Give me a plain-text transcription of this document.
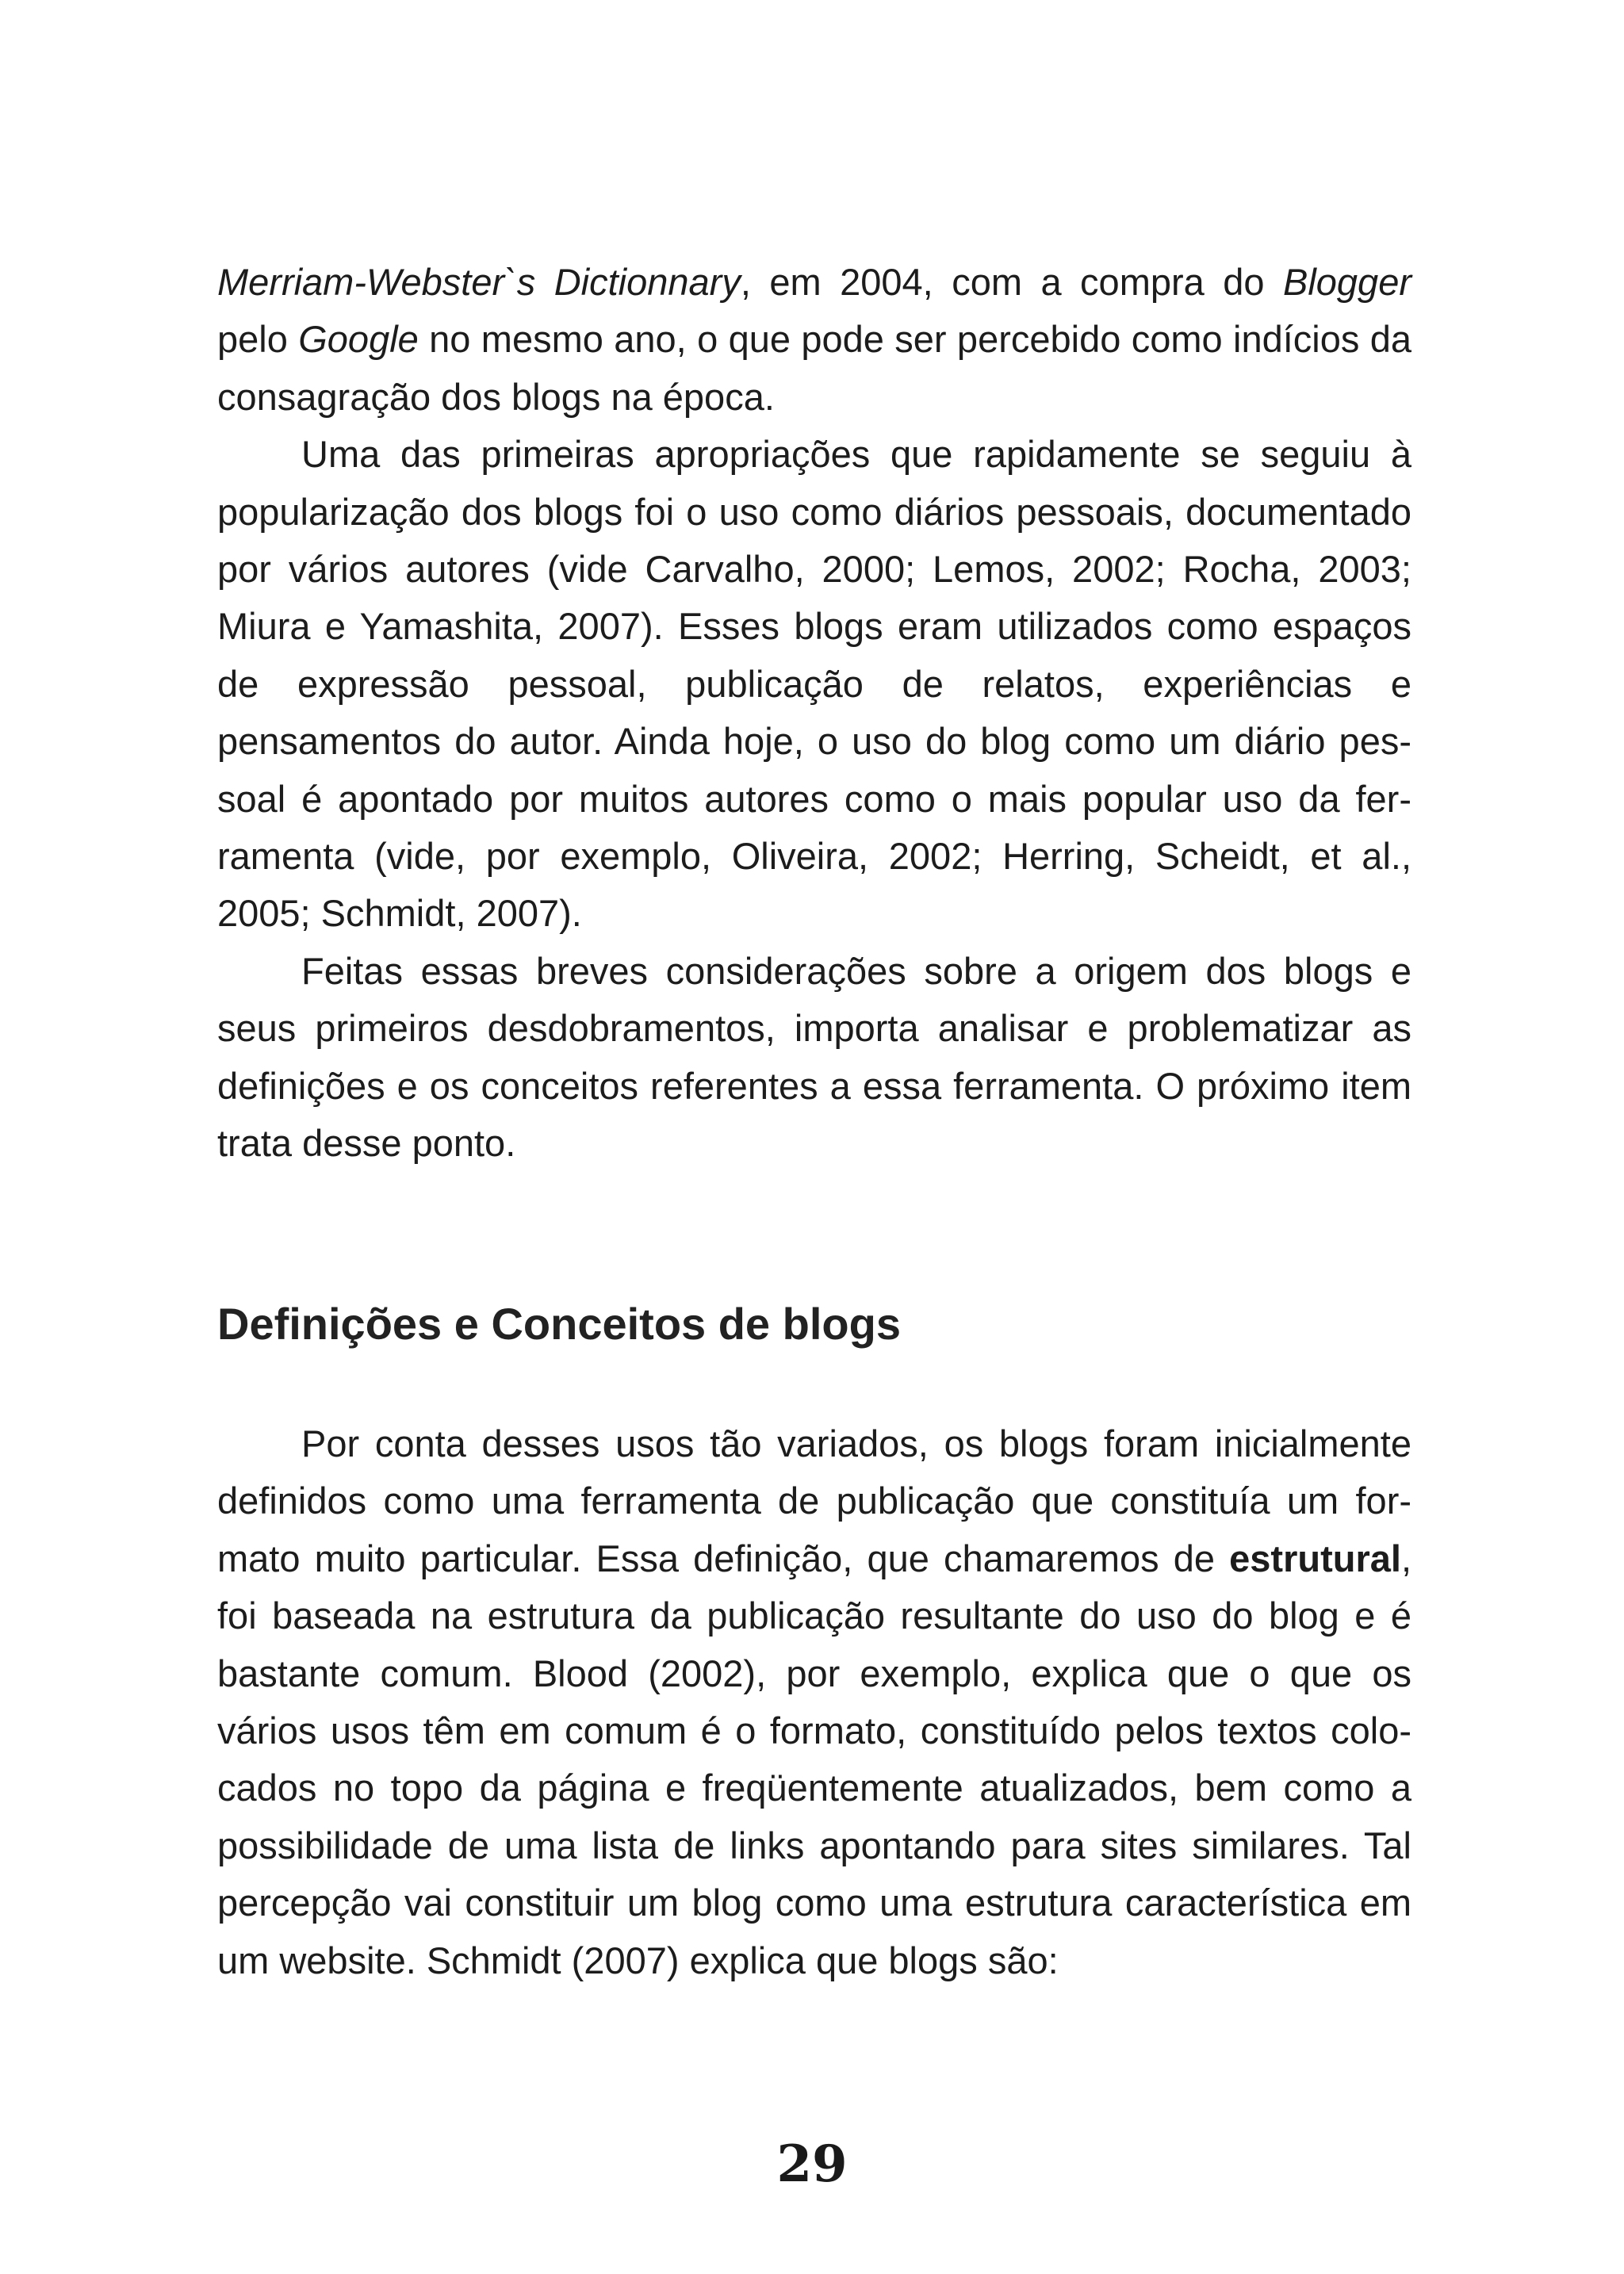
Merriam-Webster`s Dictionnary, em 2004, com a compra do Blogger pelo Google no mesmo ano, o que pode ser percebido como indícios da consagração dos blogs na época.

Uma das primeiras apropriações que rapidamente se seguiu à popularização dos blogs foi o uso como diários pessoais, documentado por vários autores (vide Carvalho, 2000; Lemos, 2002; Rocha, 2003; Miura e Yamashita, 2007). Esses blogs eram utilizados como espaços de expressão pessoal, publicação de relatos, experiências e pensamentos do autor. Ainda hoje, o uso do blog como um diário pessoal é apontado por muitos autores como o mais popular uso da ferramenta (vide, por exemplo, Oliveira, 2002; Herring, Scheidt, et al., 2005; Schmidt, 2007).

Feitas essas breves considerações sobre a origem dos blogs e seus primeiros desdobramentos, importa analisar e problematizar as definições e os conceitos referentes a essa ferramenta. O próximo item trata desse ponto.

Definições e Conceitos de blogs

Por conta desses usos tão variados, os blogs foram inicialmente definidos como uma ferramenta de publicação que constituía um formato muito particular. Essa definição, que chamaremos de estrutural, foi baseada na estrutura da publicação resultante do uso do blog e é bastante comum. Blood (2002), por exemplo, explica que o que os vários usos têm em comum é o formato, constituído pelos textos colocados no topo da página e freqüentemente atualizados, bem como a possibilidade de uma lista de links apontando para sites similares. Tal percepção vai constituir um blog como uma estrutura característica em um website. Schmidt (2007) explica que blogs são:

29
